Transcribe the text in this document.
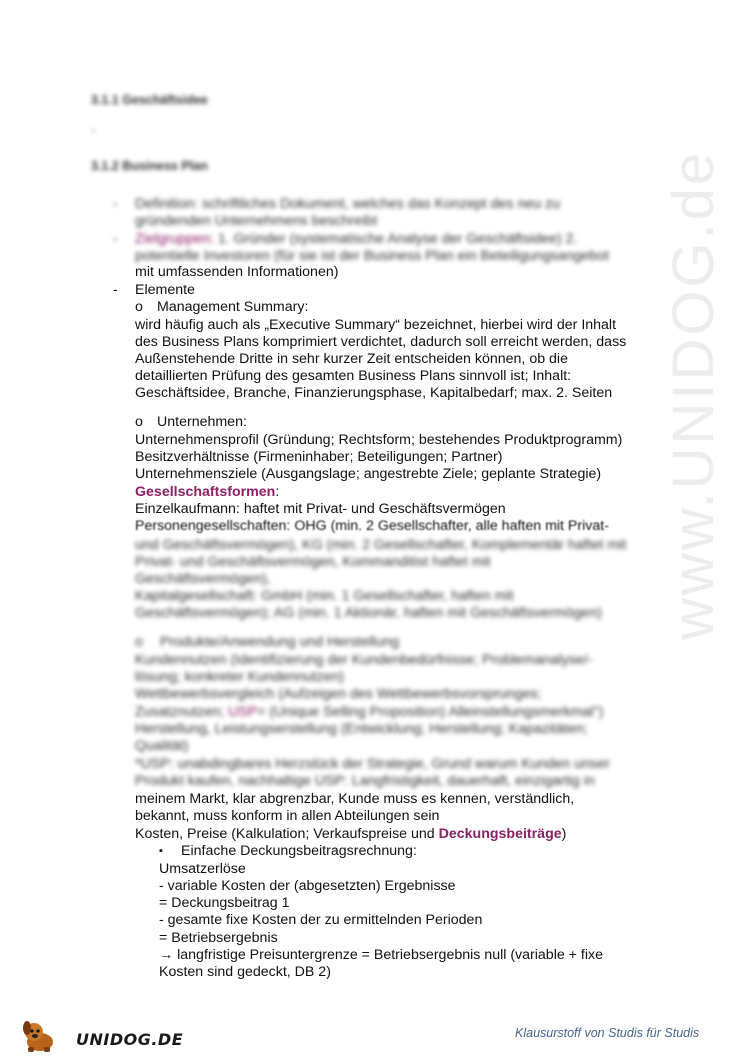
www.UNIDOG.de
3.1.1 Geschäftsidee
-
3.1.2 Business Plan
- Definition: schriftliches Dokument, welches das Konzept des neu zu
gründenden Unternehmens beschreibt
- Zielgruppen: 1. Gründer (systematische Analyse der Geschäftsidee) 2.
potentielle Investoren (für sie ist der Business Plan ein Beteiligungsangebot
mit umfassenden Informationen)
- Elemente
o Management Summary:
wird häufig auch als „Executive Summary“ bezeichnet, hierbei wird der Inhalt
des Business Plans komprimiert verdichtet, dadurch soll erreicht werden, dass
Außenstehende Dritte in sehr kurzer Zeit entscheiden können, ob die
detaillierten Prüfung des gesamten Business Plans sinnvoll ist; Inhalt:
Geschäftsidee, Branche, Finanzierungsphase, Kapitalbedarf; max. 2. Seiten
o Unternehmen:
Unternehmensprofil (Gründung; Rechtsform; bestehendes Produktprogramm)
Besitzverhältnisse (Firmeninhaber; Beteiligungen; Partner)
Unternehmensziele (Ausgangslage; angestrebte Ziele; geplante Strategie)
Gesellschaftsformen:
Einzelkaufmann: haftet mit Privat- und Geschäftsvermögen
Personengesellschaften: OHG (min. 2 Gesellschafter, alle haften mit Privat-
und Geschäftsvermögen), KG (min. 2 Gesellschafter, Komplementär haftet mit
Privat- und Geschäftsvermögen, Kommanditist haftet mit
Geschäftsvermögen),
Kapitalgesellschaft: GmbH (min. 1 Gesellschafter, haften mit
Geschäftsvermögen); AG (min. 1 Aktionär, haften mit Geschäftsvermögen)
o Produkte/Anwendung und Herstellung
Kundennutzen (Identifizierung der Kundenbedürfnisse; Problemanalyse/-
lösung; konkreter Kundennutzen)
Wettbewerbsvergleich (Aufzeigen des Wettbewerbsvorsprunges;
Zusatznutzen; USP= (Unique Selling Proposition) Alleinstellungsmerkmal")
Herstellung, Leistungserstellung (Entwicklung; Herstellung; Kapazitäten;
Qualität)
*USP: unabdingbares Herzstück der Strategie, Grund warum Kunden unser
Produkt kaufen, nachhaltige USP: Langfristigkeit, dauerhaft, einzigartig in
meinem Markt, klar abgrenzbar, Kunde muss es kennen, verständlich,
bekannt, muss konform in allen Abteilungen sein
Kosten, Preise (Kalkulation; Verkaufspreise und Deckungsbeiträge)
▪ Einfache Deckungsbeitragsrechnung:
Umsatzerlöse
- variable Kosten der (abgesetzten) Ergebnisse
= Deckungsbeitrag 1
- gesamte fixe Kosten der zu ermittelnden Perioden
= Betriebsergebnis
→ langfristige Preisuntergrenze = Betriebsergebnis null (variable + fixe
Kosten sind gedeckt, DB 2)
UNIDOG.DE	Klausurstoff von Studis für Studis
